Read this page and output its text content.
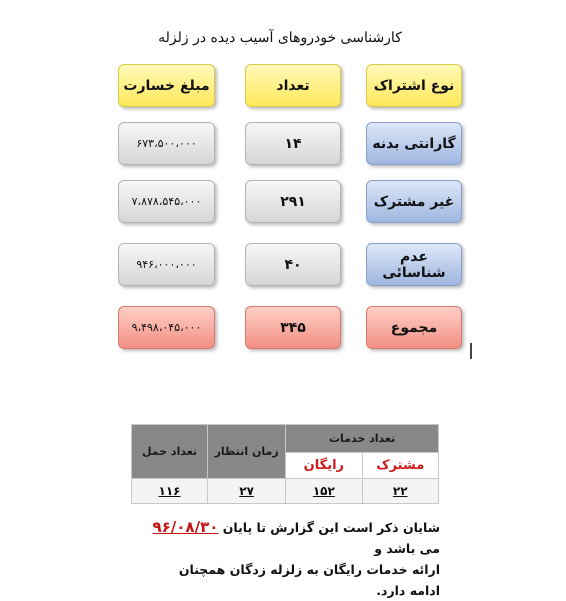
کارشناسی خودروهای آسیب دیده در زلزله
مبلغ خسارت	تعداد	نوع اشتراک
۶۷۳،۵۰۰،۰۰۰	۱۴	گارانتی بدنه
۷،۸۷۸،۵۴۵،۰۰۰	۲۹۱	غیر مشترک
۹۴۶،۰۰۰،۰۰۰	۴۰	عدم شناسائی
۹،۴۹۸،۰۴۵،۰۰۰	۳۴۵	مجموع
تعداد حمل	زمان انتظار	تعداد خدمات	
		رایگان	مشترک
۱۱۶	۲۷	۱۵۲	۲۲
شایان ذکر است این گزارش تا پایان ۹۶/۰۸/۳۰ می باشد و
ارائه خدمات رایگان به زلزله زدگان همچنان ادامه دارد.
